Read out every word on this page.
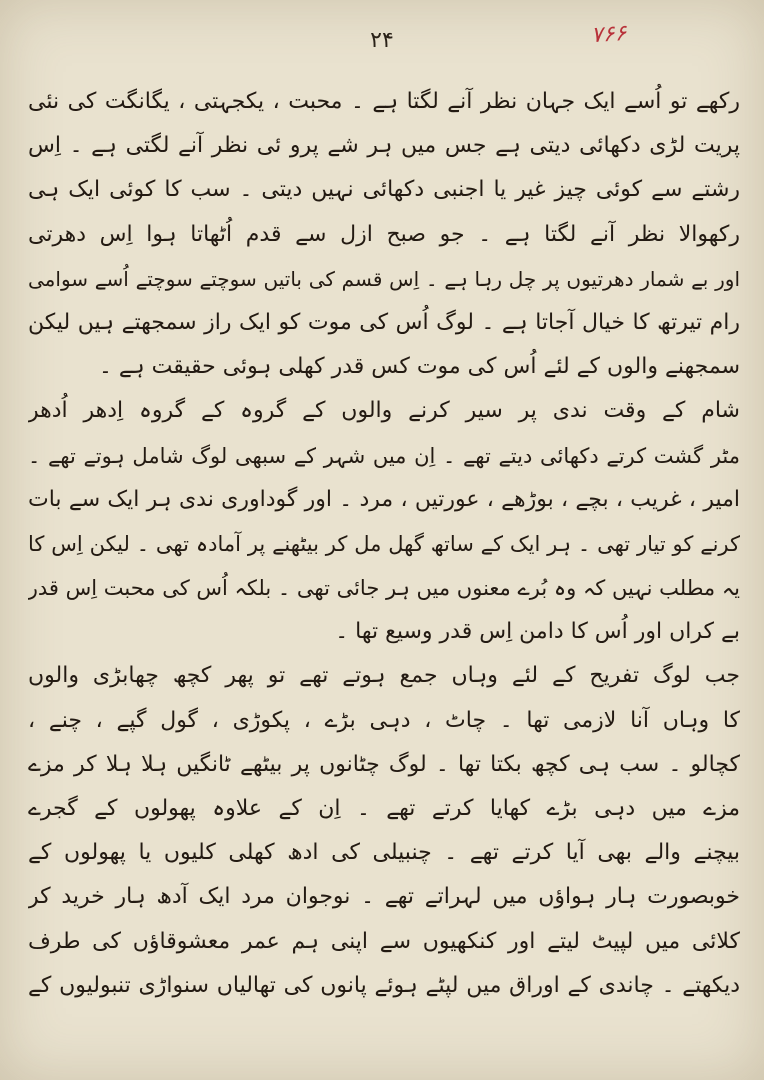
۲۴	۷۶۶
رکھے تو اُسے ایک جہان نظر آنے لگتا ہے ۔ محبت ، یکجہتی ، یگانگت کی نئی
پریت لڑی دکھائی دیتی ہے جس میں ہر شے پرو ئی نظر آنے لگتی ہے ۔ اِس
رشتے سے کوئی چیز غیر یا اجنبی دکھائی نہیں دیتی ۔ سب کا کوئی ایک ہی
رکھوالا نظر آنے لگتا ہے ۔ جو صبح ازل سے قدم اُٹھاتا ہوا اِس دھرتی
اور بے شمار دھرتیوں پر چل رہا ہے ۔ اِس قسم کی باتیں سوچتے سوچتے اُسے سوامی
رام تیرتھ کا خیال آجاتا ہے ۔ لوگ اُس کی موت کو ایک راز سمجھتے ہیں لیکن
سمجھنے والوں کے لئے اُس کی موت کس قدر کھلی ہوئی حقیقت ہے ۔
شام کے وقت ندی پر سیر کرنے والوں کے گروہ کے گروہ اِدھر اُدھر
مٹر گشت کرتے دکھائی دیتے تھے ۔ اِن میں شہر کے سبھی لوگ شامل ہوتے تھے ۔
امیر ، غریب ، بچے ، بوڑھے ، عورتیں ، مرد ۔ اور گوداوری ندی ہر ایک سے بات
کرنے کو تیار تھی ۔ ہر ایک کے ساتھ گھل مل کر بیٹھنے پر آمادہ تھی ۔ لیکن اِس کا
یہ مطلب نہیں کہ وہ بُرے معنوں میں ہر جائی تھی ۔ بلکہ اُس کی محبت اِس قدر
بے کراں اور اُس کا دامن اِس قدر وسیع تھا ۔
جب لوگ تفریح کے لئے وہاں جمع ہوتے تھے تو پھر کچھ چھابڑی والوں
کا وہاں آنا لازمی تھا ۔ چاٹ ، دہی بڑے ، پکوڑی ، گول گپے ، چنے ،
کچالو ۔ سب ہی کچھ بکتا تھا ۔ لوگ چٹانوں پر بیٹھے ٹانگیں ہلا ہلا کر مزے
مزے میں دہی بڑے کھایا کرتے تھے ۔ اِن کے علاوہ پھولوں کے گجرے
بیچنے والے بھی آیا کرتے تھے ۔ چنبیلی کی ادھ کھلی کلیوں یا پھولوں کے
خوبصورت ہار ہواؤں میں لہراتے تھے ۔ نوجوان مرد ایک آدھ ہار خرید کر
کلائی میں لپیٹ لیتے اور کنکھیوں سے اپنی ہم عمر معشوقاؤں کی طرف
دیکھتے ۔ چاندی کے اوراق میں لپٹے ہوئے پانوں کی تھالیاں سنواڑی تنبولیوں کے
